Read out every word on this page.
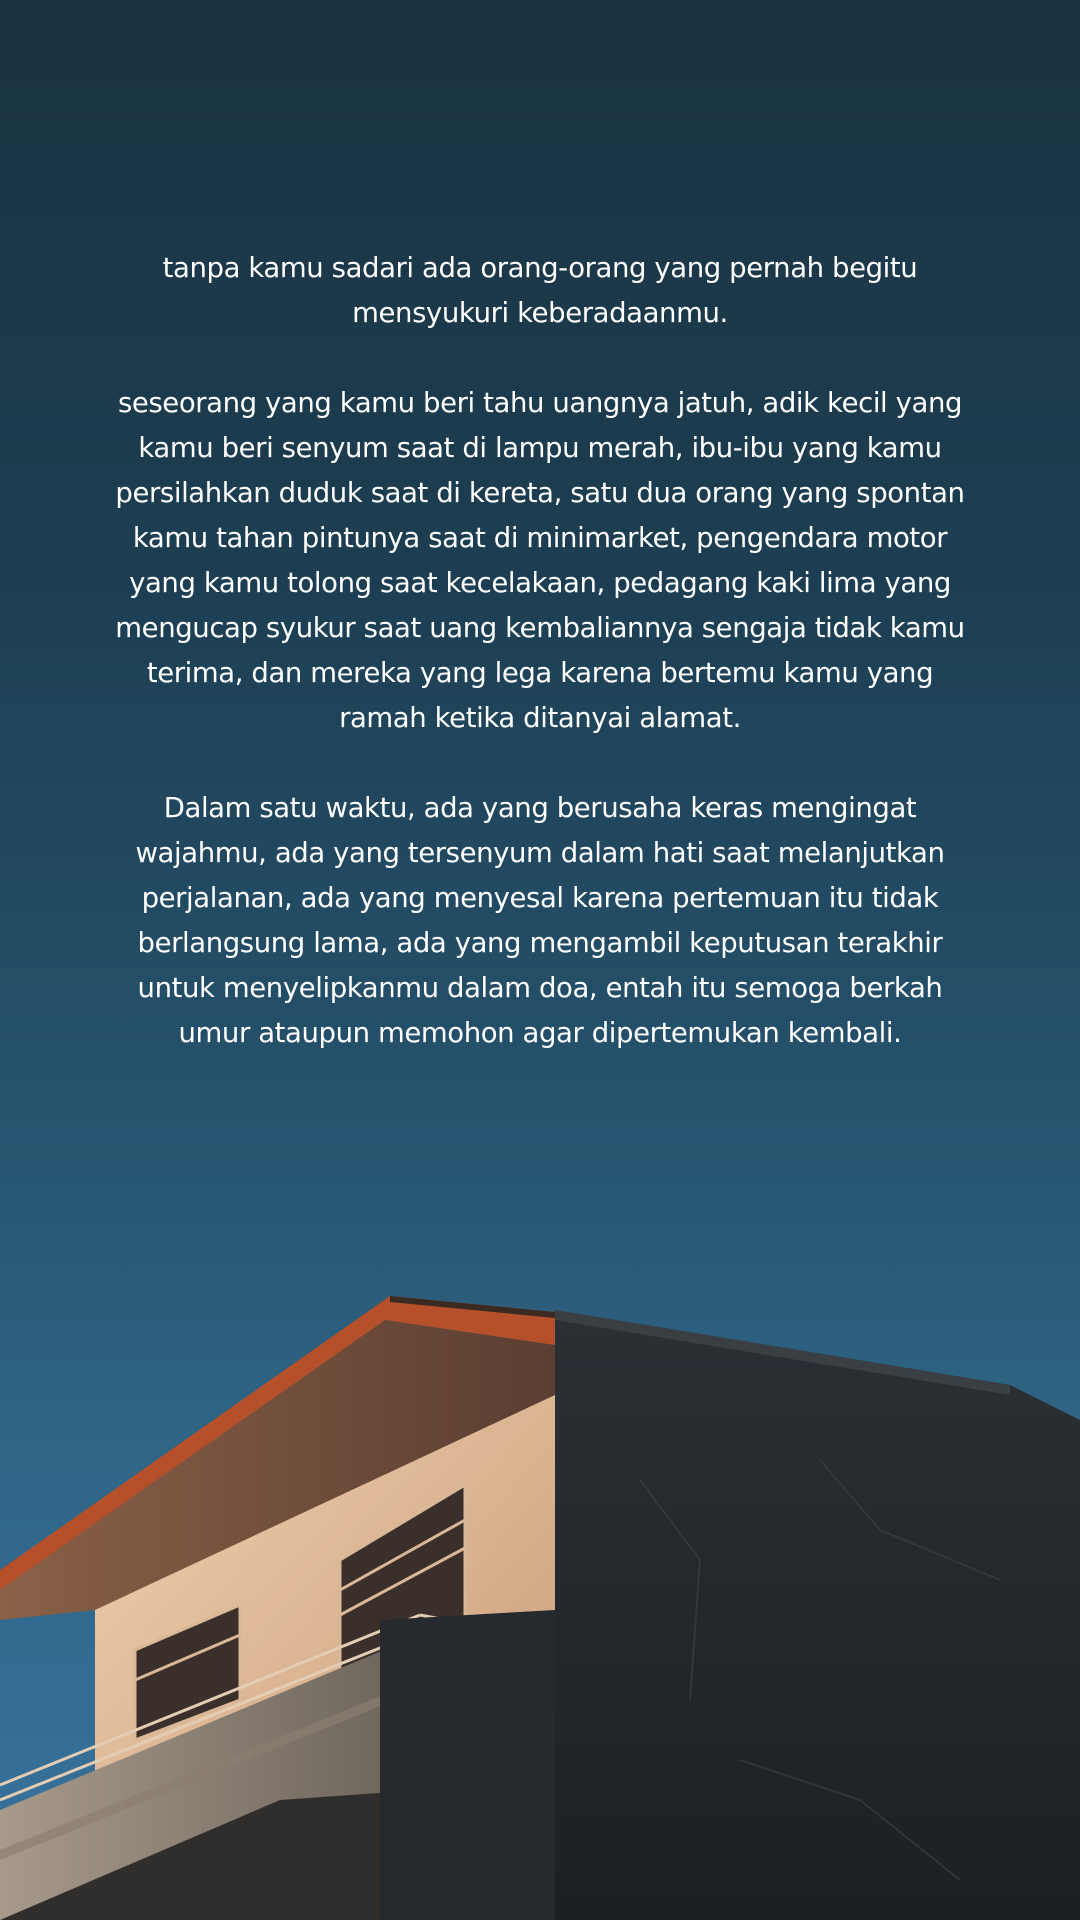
tanpa kamu sadari ada orang-orang yang pernah begitu
mensyukuri keberadaanmu.

seseorang yang kamu beri tahu uangnya jatuh, adik kecil yang
kamu beri senyum saat di lampu merah, ibu-ibu yang kamu
persilahkan duduk saat di kereta, satu dua orang yang spontan
kamu tahan pintunya saat di minimarket, pengendara motor
yang kamu tolong saat kecelakaan, pedagang kaki lima yang
mengucap syukur saat uang kembaliannya sengaja tidak kamu
terima, dan mereka yang lega karena bertemu kamu yang
ramah ketika ditanyai alamat.

Dalam satu waktu, ada yang berusaha keras mengingat
wajahmu, ada yang tersenyum dalam hati saat melanjutkan
perjalanan, ada yang menyesal karena pertemuan itu tidak
berlangsung lama, ada yang mengambil keputusan terakhir
untuk menyelipkanmu dalam doa, entah itu semoga berkah
umur ataupun memohon agar dipertemukan kembali.
